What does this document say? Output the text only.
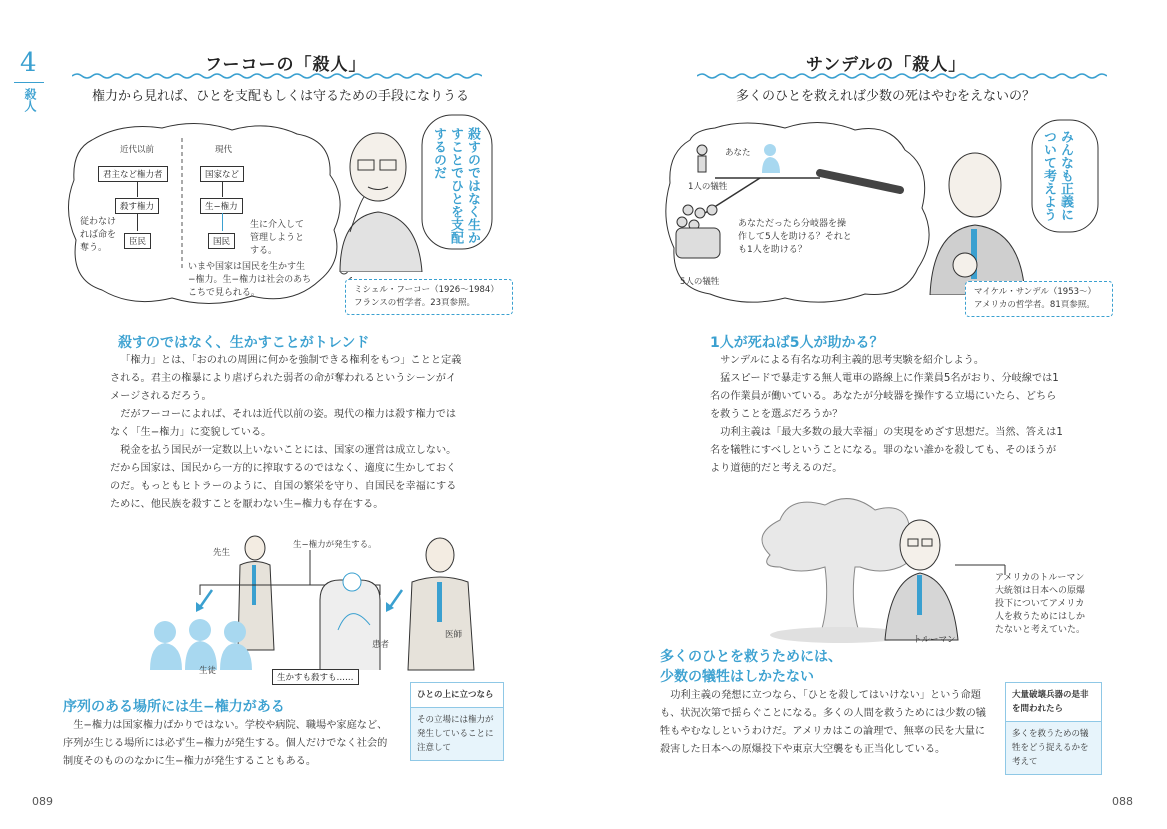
4
殺人
フーコーの「殺人」
権力から見れば、ひとを支配もしくは守るための手段になりうる
近代以前	現代
君主など権力者
殺す権力
臣民
従わなければ命を奪う。
国家など
生−権力
国民
生に介入して管理しようとする。
いまや国家は国民を生かす生−権力。生−権力は社会のあちこちで見られる。
殺すのではなく生かすことでひとを支配するのだ
ミシェル・フーコー（1926〜1984）
フランスの哲学者。23頁参照。
殺すのではなく、生かすことがトレンド

「権力」とは、「おのれの周囲に何かを強制できる権利をもつ」ことと定義される。君主の権暴により虐げられた弱者の命が奪われるというシーンがイメージされるだろう。

だがフーコーによれば、それは近代以前の姿。現代の権力は殺す権力ではなく「生−権力」に変貌している。

税金を払う国民が一定数以上いないことには、国家の運営は成立しない。だから国家は、国民から一方的に搾取するのではなく、適度に生かしておくのだ。もっともヒトラーのように、自国の繁栄を守り、自国民を幸福にするために、他民族を殺すことを厭わない生−権力も存在する。

先生
生−権力が発生する。
患者
医師
生徒
生かすも殺すも……
序列のある場所には生−権力がある

生−権力は国家権力ばかりではない。学校や病院、職場や家庭など、序列が生じる場所には必ず生−権力が発生する。個人だけでなく社会的制度そのもののなかに生−権力が発生することもある。

ひとの上に立つなら
その立場には権力が発生していることに注意して
089
サンデルの「殺人」
多くのひとを救えれば少数の死はやむをえないの？
あなた
1人の犠牲
5人の犠牲
あなただったら分岐器を操作して5人を助ける？それとも1人を助ける？
みんなも正義について考えよう
マイケル・サンデル（1953〜）
アメリカの哲学者。81頁参照。
1人が死ねば5人が助かる？

サンデルによる有名な功利主義的思考実験を紹介しよう。

猛スピードで暴走する無人電車の路線上に作業員5名がおり、分岐線では1名の作業員が働いている。あなたが分岐器を操作する立場にいたら、どちらを救うことを選ぶだろうか？

功利主義は「最大多数の最大幸福」の実現をめざす思想だ。当然、答えは1名を犠牲にすべしということになる。罪のない誰かを殺しても、そのほうがより道徳的だと考えるのだ。

トルーマン
アメリカのトルーマン大統領は日本への原爆投下についてアメリカ人を救うためにはしかたないと考えていた。
多くのひとを救うためには、
少数の犠牲はしかたない

功利主義の発想に立つなら、「ひとを殺してはいけない」という命題も、状況次第で揺らぐことになる。多くの人間を救うためには少数の犠牲もやむなしというわけだ。アメリカはこの論理で、無辜の民を大量に殺害した日本への原爆投下や東京大空襲をも正当化している。

大量破壊兵器の是非を問われたら
多くを救うための犠牲をどう捉えるかを考えて
088
